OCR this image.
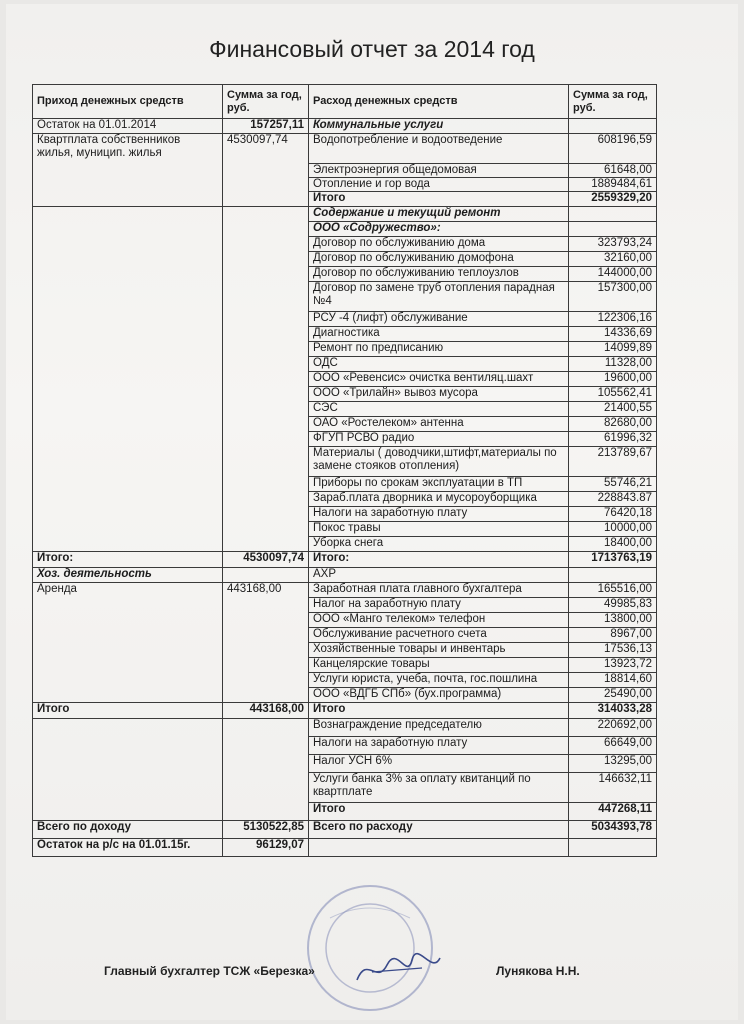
Финансовый отчет за 2014 год
Приход денежных средств	Сумма за год, руб.	Расход денежных средств	Сумма за год, руб.
Остаток на 01.01.2014	157257,11	Коммунальные услуги	
Квартплата собственников жилья, муницип. жилья	4530097,74	Водопотребление и водоотведение	608196,59
		Электроэнергия общедомовая	61648,00
		Отопление и гор вода	1889484,61
		Итого	2559329,20
		Содержание и текущий ремонт	
		ООО «Содружество»:	
		Договор по обслуживанию дома	323793,24
		Договор по обслуживанию домофона	32160,00
		Договор по обслуживанию теплоузлов	144000,00
		Договор по замене труб отопления парадная №4	157300,00
		РСУ -4 (лифт) обслуживание	122306,16
		Диагностика	14336,69
		Ремонт по предписанию	14099,89
		ОДС	11328,00
		ООО «Ревенсис» очистка вентиляц.шахт	19600,00
		ООО «Трилайн» вывоз мусора	105562,41
		СЭС	21400,55
		ОАО «Ростелеком» антенна	82680,00
		ФГУП РСВО радио	61996,32
		Материалы ( доводчики,штифт,материалы по замене стояков отопления)	213789,67
		Приборы по срокам эксплуатации в ТП	55746,21
		Зараб.плата дворника и мусороуборщика	228843.87
		Налоги на заработную плату	76420,18
		Покос травы	10000,00
		Уборка снега	18400,00
Итого:	4530097,74	Итого:	1713763,19
Хоз. деятельность		АХР	
Аренда	443168,00	Заработная плата главного бухгалтера	165516,00
		Налог на заработную плату	49985,83
		ООО «Манго телеком» телефон	13800,00
		Обслуживание расчетного счета	8967,00
		Хозяйственные товары и инвентарь	17536,13
		Канцелярские товары	13923,72
		Услуги юриста, учеба, почта, гос.пошлина	18814,60
		ООО «ВДГБ СПб» (бух.программа)	25490,00
Итого	443168,00	Итого	314033,28
		Вознаграждение председателю	220692,00
		Налоги на заработную плату	66649,00
		Налог УСН 6%	13295,00
		Услуги банка 3% за оплату квитанций по квартплате	146632,11
		Итого	447268,11
Всего по доходу	5130522,85	Всего по расходу	5034393,78
Остаток на р/с на 01.01.15г.	96129,07		
Главный бухгалтер ТСЖ «Березка»	Лунякова Н.Н.
